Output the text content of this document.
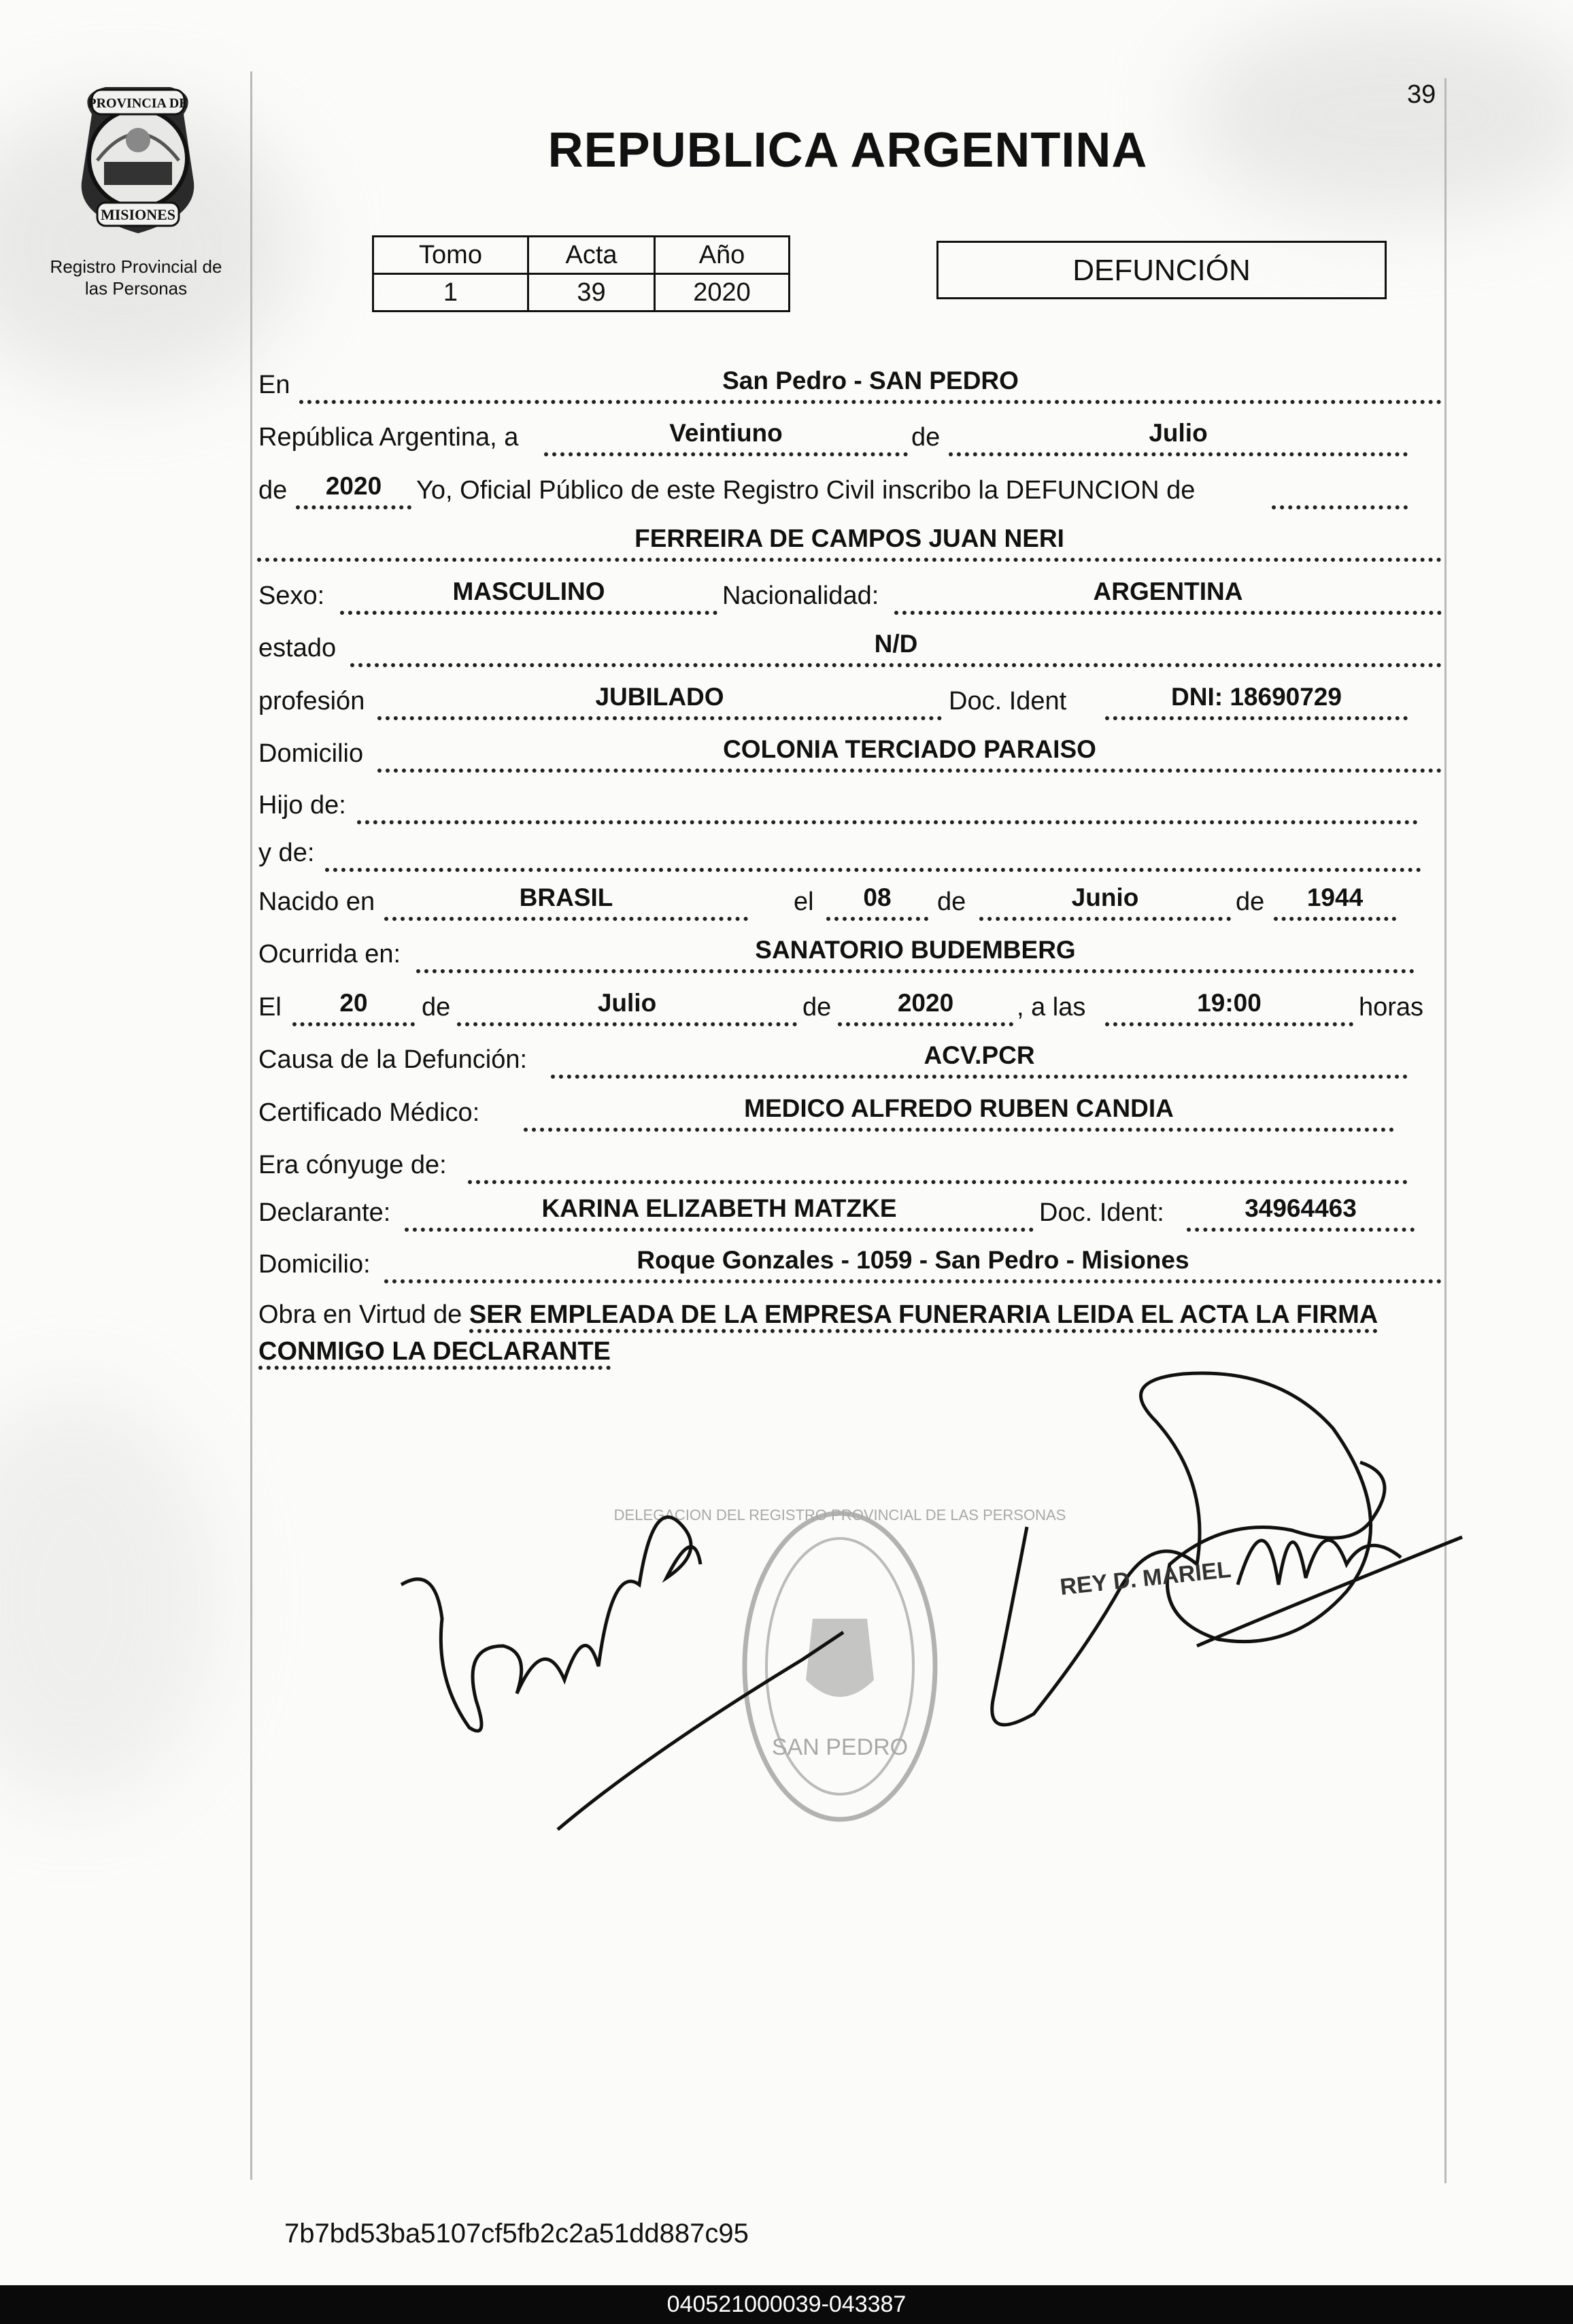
39
PROVINCIA DE
MISIONES
Registro Provincial de
las Personas
REPUBLICA ARGENTINA
Tomo	Acta	Año
1	39	2020
DEFUNCIÓN
En	San Pedro - SAN PEDRO
República Argentina, a	Veintiuno	de	Julio
de	2020	Yo, Oficial Público de este Registro Civil inscribo la DEFUNCION de
FERREIRA DE CAMPOS JUAN NERI
Sexo:	MASCULINO	Nacionalidad:	ARGENTINA
estado	N/D
profesión	JUBILADO	Doc. Ident	DNI: 18690729
Domicilio	COLONIA TERCIADO PARAISO
Hijo de:
y de:
Nacido en	BRASIL	el	08	de	Junio	de	1944
Ocurrida en:	SANATORIO BUDEMBERG
El	20	de	Julio	de	2020	, a las	19:00	horas
Causa de la Defunción:	ACV.PCR
Certificado Médico:	MEDICO ALFREDO RUBEN CANDIA
Era cónyuge de:
Declarante:	KARINA ELIZABETH MATZKE	Doc. Ident:	34964463
Domicilio:	Roque Gonzales - 1059 - San Pedro - Misiones
Obra en Virtud de SER EMPLEADA DE LA EMPRESA FUNERARIA LEIDA EL ACTA LA FIRMA CONMIGO LA DECLARANTE
DELEGACION DEL REGISTRO PROVINCIAL DE LAS PERSONAS
SAN PEDRO
REY D. MARIEL
7b7bd53ba5107cf5fb2c2a51dd887c95
040521000039-043387
